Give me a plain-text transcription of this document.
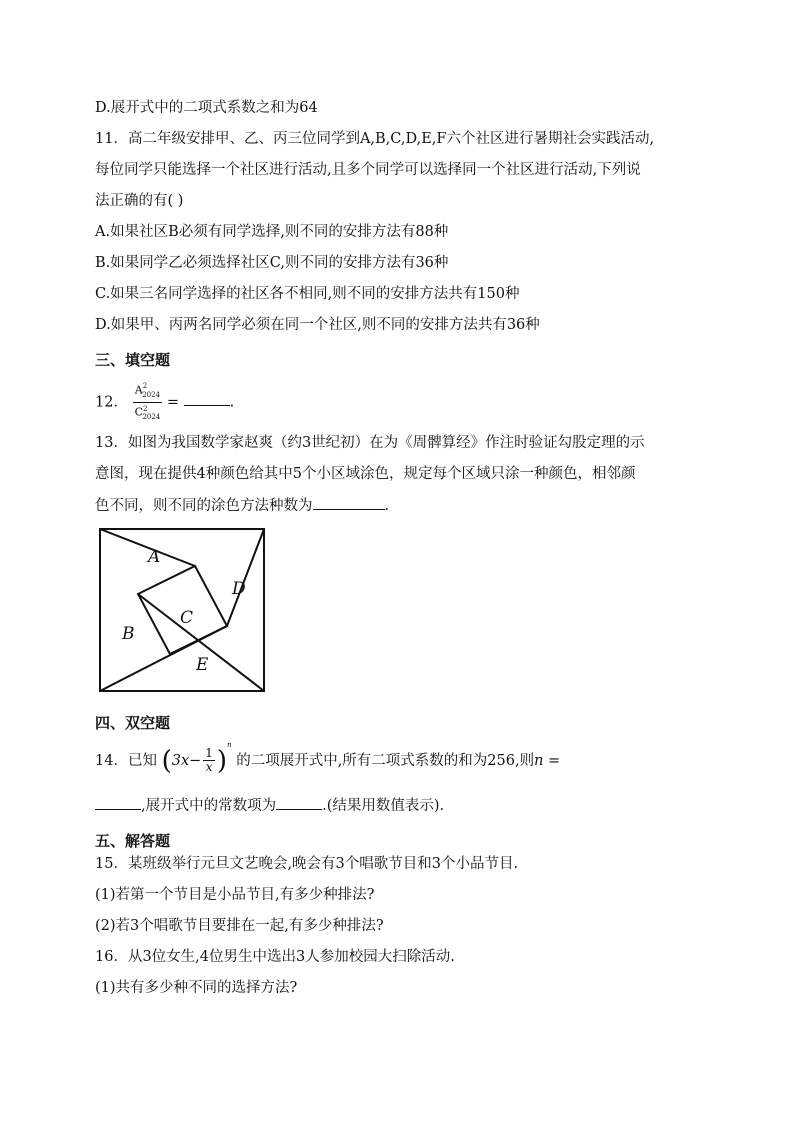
D.展开式中的二项式系数之和为64
11．高二年级安排甲、乙、丙三位同学到A,B,C,D,E,F六个社区进行暑期社会实践活动,
每位同学只能选择一个社区进行活动,且多个同学可以选择同一个社区进行活动,下列说
法正确的有( )
A.如果社区B必须有同学选择,则不同的安排方法有88种
B.如果同学乙必须选择社区C,则不同的安排方法有36种
C.如果三名同学选择的社区各不相同,则不同的安排方法共有150种
D.如果甲、丙两名同学必须在同一个社区,则不同的安排方法共有36种
三、填空题
12． $\frac{A^2_{2024}}{C^2_{2024}}$ =	.
13．如图为我国数学家赵爽（约3世纪初）在为《周髀算经》作注时验证勾股定理的示
意图，现在提供4种颜色给其中5个小区域涂色，规定每个区域只涂一种颜色，相邻颜
色不同，则不同的涂色方法种数为	.
A
D
C
B
E
四、双空题
14．已知 $(3x- \frac{1}{x} )^n$ 的二项展开式中,所有二项式系数的和为256,则n =
,展开式中的常数项为	.(结果用数值表示).
五、解答题
15．某班级举行元旦文艺晚会,晚会有3个唱歌节目和3个小品节目.
(1)若第一个节目是小品节目,有多少种排法?
(2)若3个唱歌节目要排在一起,有多少种排法?
16．从3位女生,4位男生中选出3人参加校园大扫除活动.
(1)共有多少种不同的选择方法?
